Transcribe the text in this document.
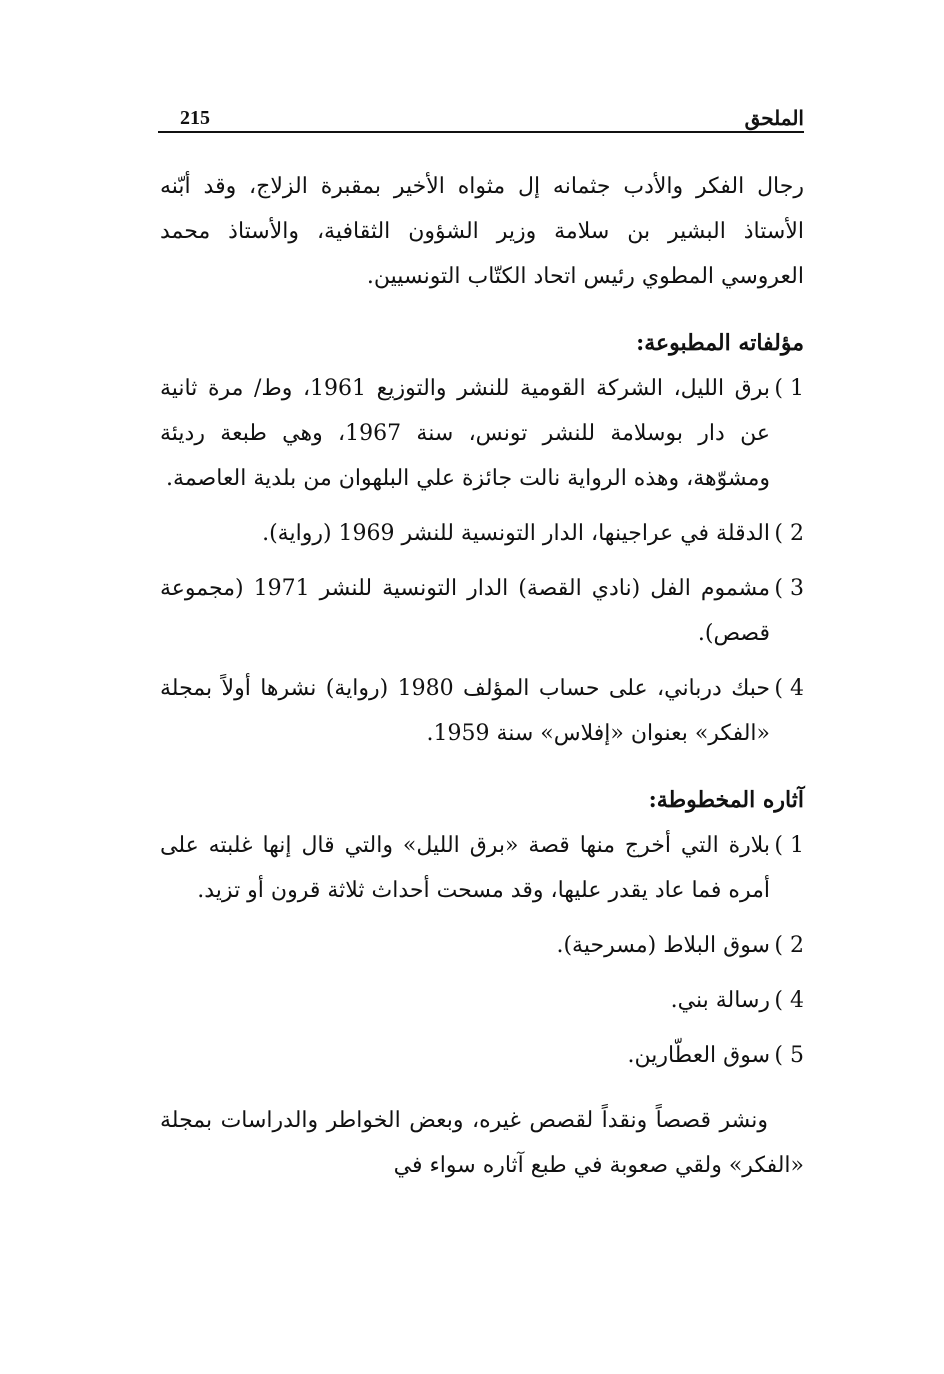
الملحق
215

رجال الفكر والأدب جثمانه إل مثواه الأخير بمقبرة الزلاج، وقد أبّنه الأستاذ البشير بن سلامة وزير الشؤون الثقافية، والأستاذ محمد العروسي المطوي رئيس اتحاد الكتّاب التونسيين.

مؤلفاته المطبوعة:

1 )
برق الليل، الشركة القومية للنشر والتوزيع 1961، وط/ مرة ثانية عن دار بوسلامة للنشر تونس، سنة 1967، وهي طبعة رديئة ومشوّهة، وهذه الرواية نالت جائزة علي البلهوان من بلدية العاصمة.
2 )
الدقلة في عراجينها، الدار التونسية للنشر 1969 (رواية).
3 )
مشموم الفل (نادي القصة) الدار التونسية للنشر 1971 (مجموعة قصص).
4 )
حبك درباني، على حساب المؤلف 1980 (رواية) نشرها أولاً بمجلة «الفكر» بعنوان «إفلاس» سنة 1959.

آثاره المخطوطة:

1 )
بلارة التي أخرج منها قصة «برق الليل» والتي قال إنها غلبته على أمره فما عاد يقدر عليها، وقد مسحت أحداث ثلاثة قرون أو تزيد.
2 )
سوق البلاط (مسرحية).
4 )
رسالة بني.
5 )
سوق العطّارين.

ونشر قصصاً ونقداً لقصص غيره، وبعض الخواطر والدراسات بمجلة «الفكر» ولقي صعوبة في طبع آثاره سواء في
